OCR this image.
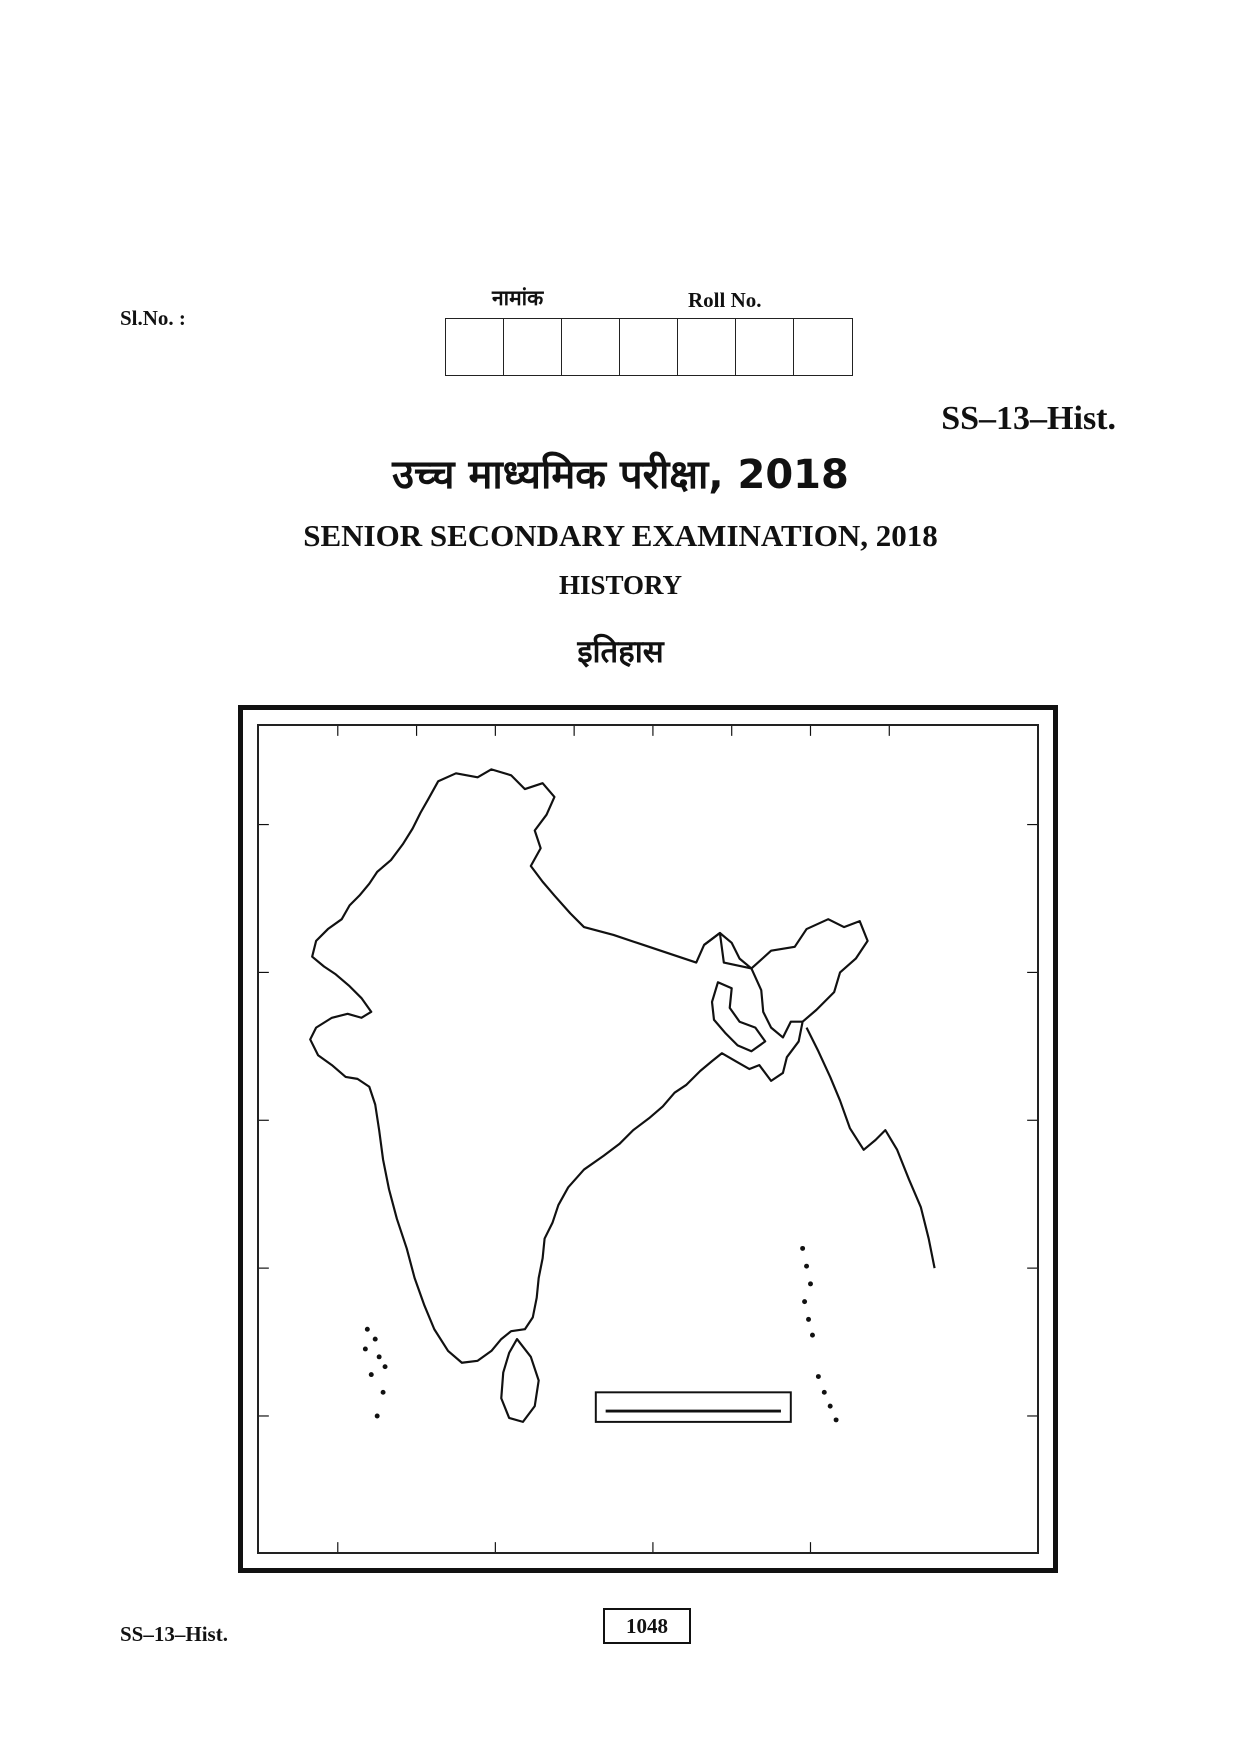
Sl.No. :
नामांक	Roll No.
SS–13–Hist.
उच्च माध्यमिक परीक्षा, 2018
SENIOR SECONDARY EXAMINATION, 2018
HISTORY
इतिहास
SS–13–Hist.	1048
